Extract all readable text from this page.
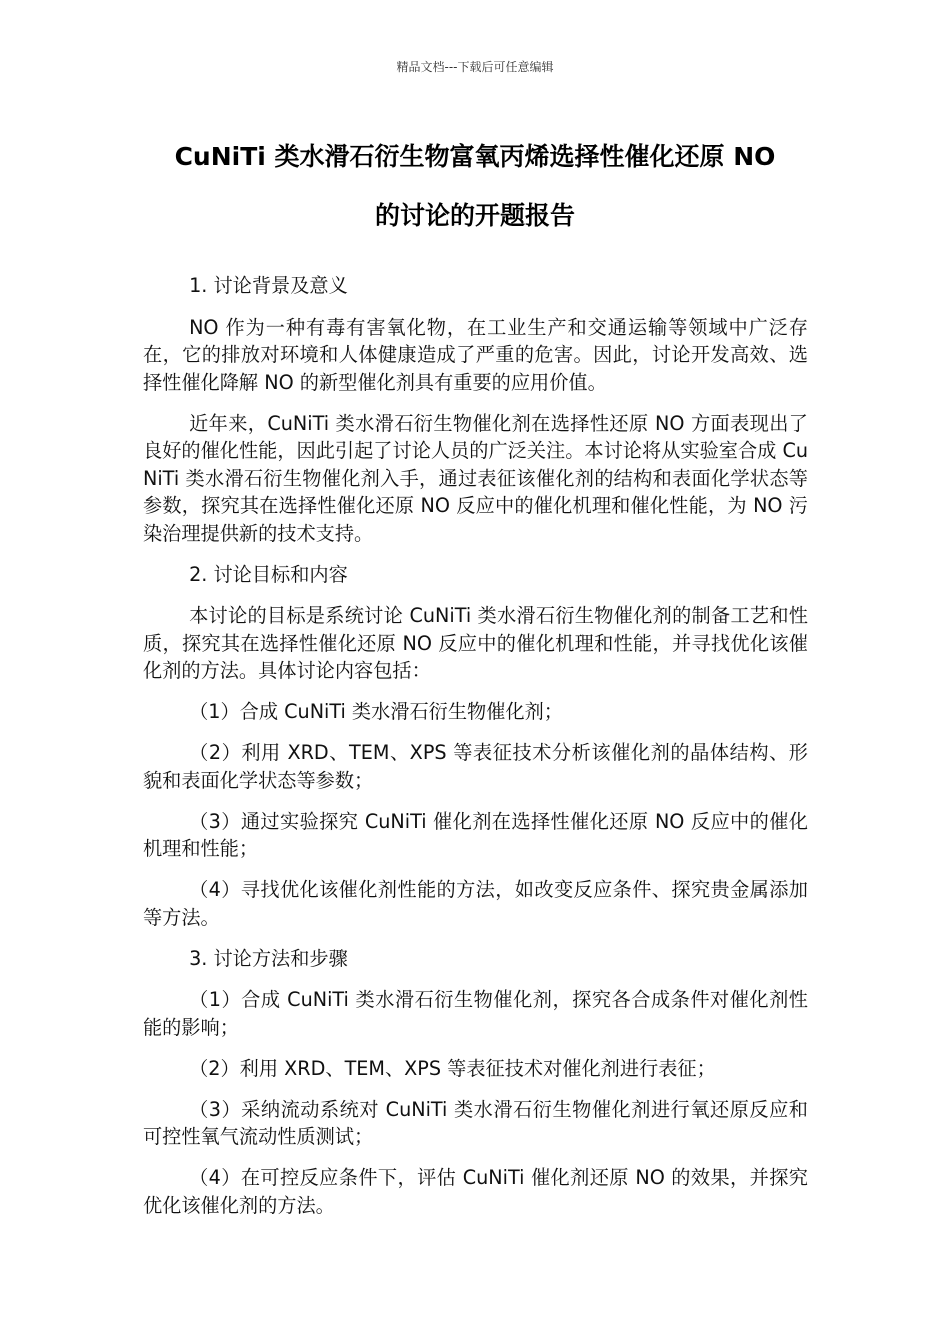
精品文档---下载后可任意编辑
CuNiTi 类水滑石衍生物富氧丙烯选择性催化还原 NO
的讨论的开题报告

1. 讨论背景及意义

NO 作为一种有毒有害氧化物，在工业生产和交通运输等领域中广泛存在，它的排放对环境和人体健康造成了严重的危害。因此，讨论开发高效、选择性催化降解 NO 的新型催化剂具有重要的应用价值。

近年来，CuNiTi 类水滑石衍生物催化剂在选择性还原 NO 方面表现出了良好的催化性能，因此引起了讨论人员的广泛关注。本讨论将从实验室合成 CuNiTi 类水滑石衍生物催化剂入手，通过表征该催化剂的结构和表面化学状态等参数，探究其在选择性催化还原 NO 反应中的催化机理和催化性能，为 NO 污染治理提供新的技术支持。

2. 讨论目标和内容

本讨论的目标是系统讨论 CuNiTi 类水滑石衍生物催化剂的制备工艺和性质，探究其在选择性催化还原 NO 反应中的催化机理和性能，并寻找优化该催化剂的方法。具体讨论内容包括：

（1）合成 CuNiTi 类水滑石衍生物催化剂；

（2）利用 XRD、TEM、XPS 等表征技术分析该催化剂的晶体结构、形貌和表面化学状态等参数；

（3）通过实验探究 CuNiTi 催化剂在选择性催化还原 NO 反应中的催化机理和性能；

（4）寻找优化该催化剂性能的方法，如改变反应条件、探究贵金属添加等方法。

3. 讨论方法和步骤

（1）合成 CuNiTi 类水滑石衍生物催化剂，探究各合成条件对催化剂性能的影响；

（2）利用 XRD、TEM、XPS 等表征技术对催化剂进行表征；

（3）采纳流动系统对 CuNiTi 类水滑石衍生物催化剂进行氧还原反应和可控性氧气流动性质测试；

（4）在可控反应条件下，评估 CuNiTi 催化剂还原 NO 的效果，并探究优化该催化剂的方法。
